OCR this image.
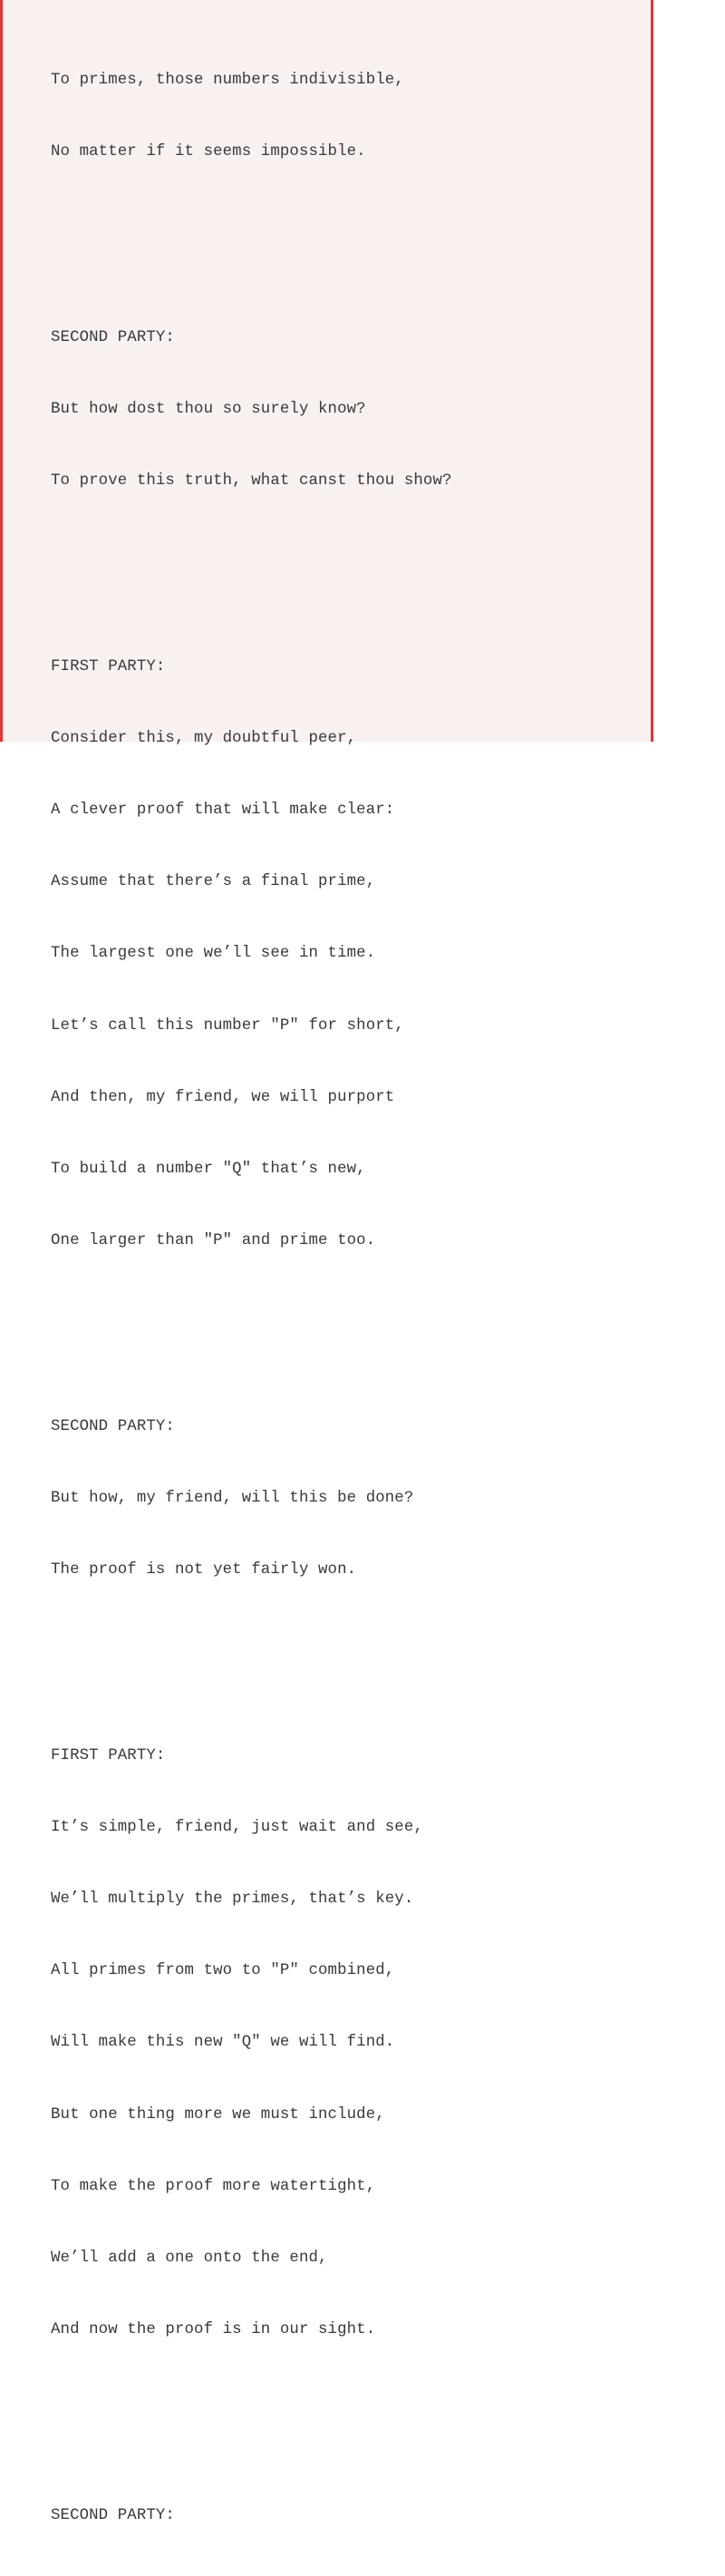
To primes, those numbers indivisible,

No matter if it seems impossible.

SECOND PARTY:

But how dost thou so surely know?

To prove this truth, what canst thou show?

FIRST PARTY:

Consider this, my doubtful peer,

A clever proof that will make clear:

Assume that there’s a final prime,

The largest one we’ll see in time.

Let’s call this number "P" for short,

And then, my friend, we will purport

To build a number "Q" that’s new,

One larger than "P" and prime too.

SECOND PARTY:

But how, my friend, will this be done?

The proof is not yet fairly won.

FIRST PARTY:

It’s simple, friend, just wait and see,

We’ll multiply the primes, that’s key.

All primes from two to "P" combined,

Will make this new "Q" we will find.

But one thing more we must include,

To make the proof more watertight,

We’ll add a one onto the end,

And now the proof is in our sight.

SECOND PARTY:
